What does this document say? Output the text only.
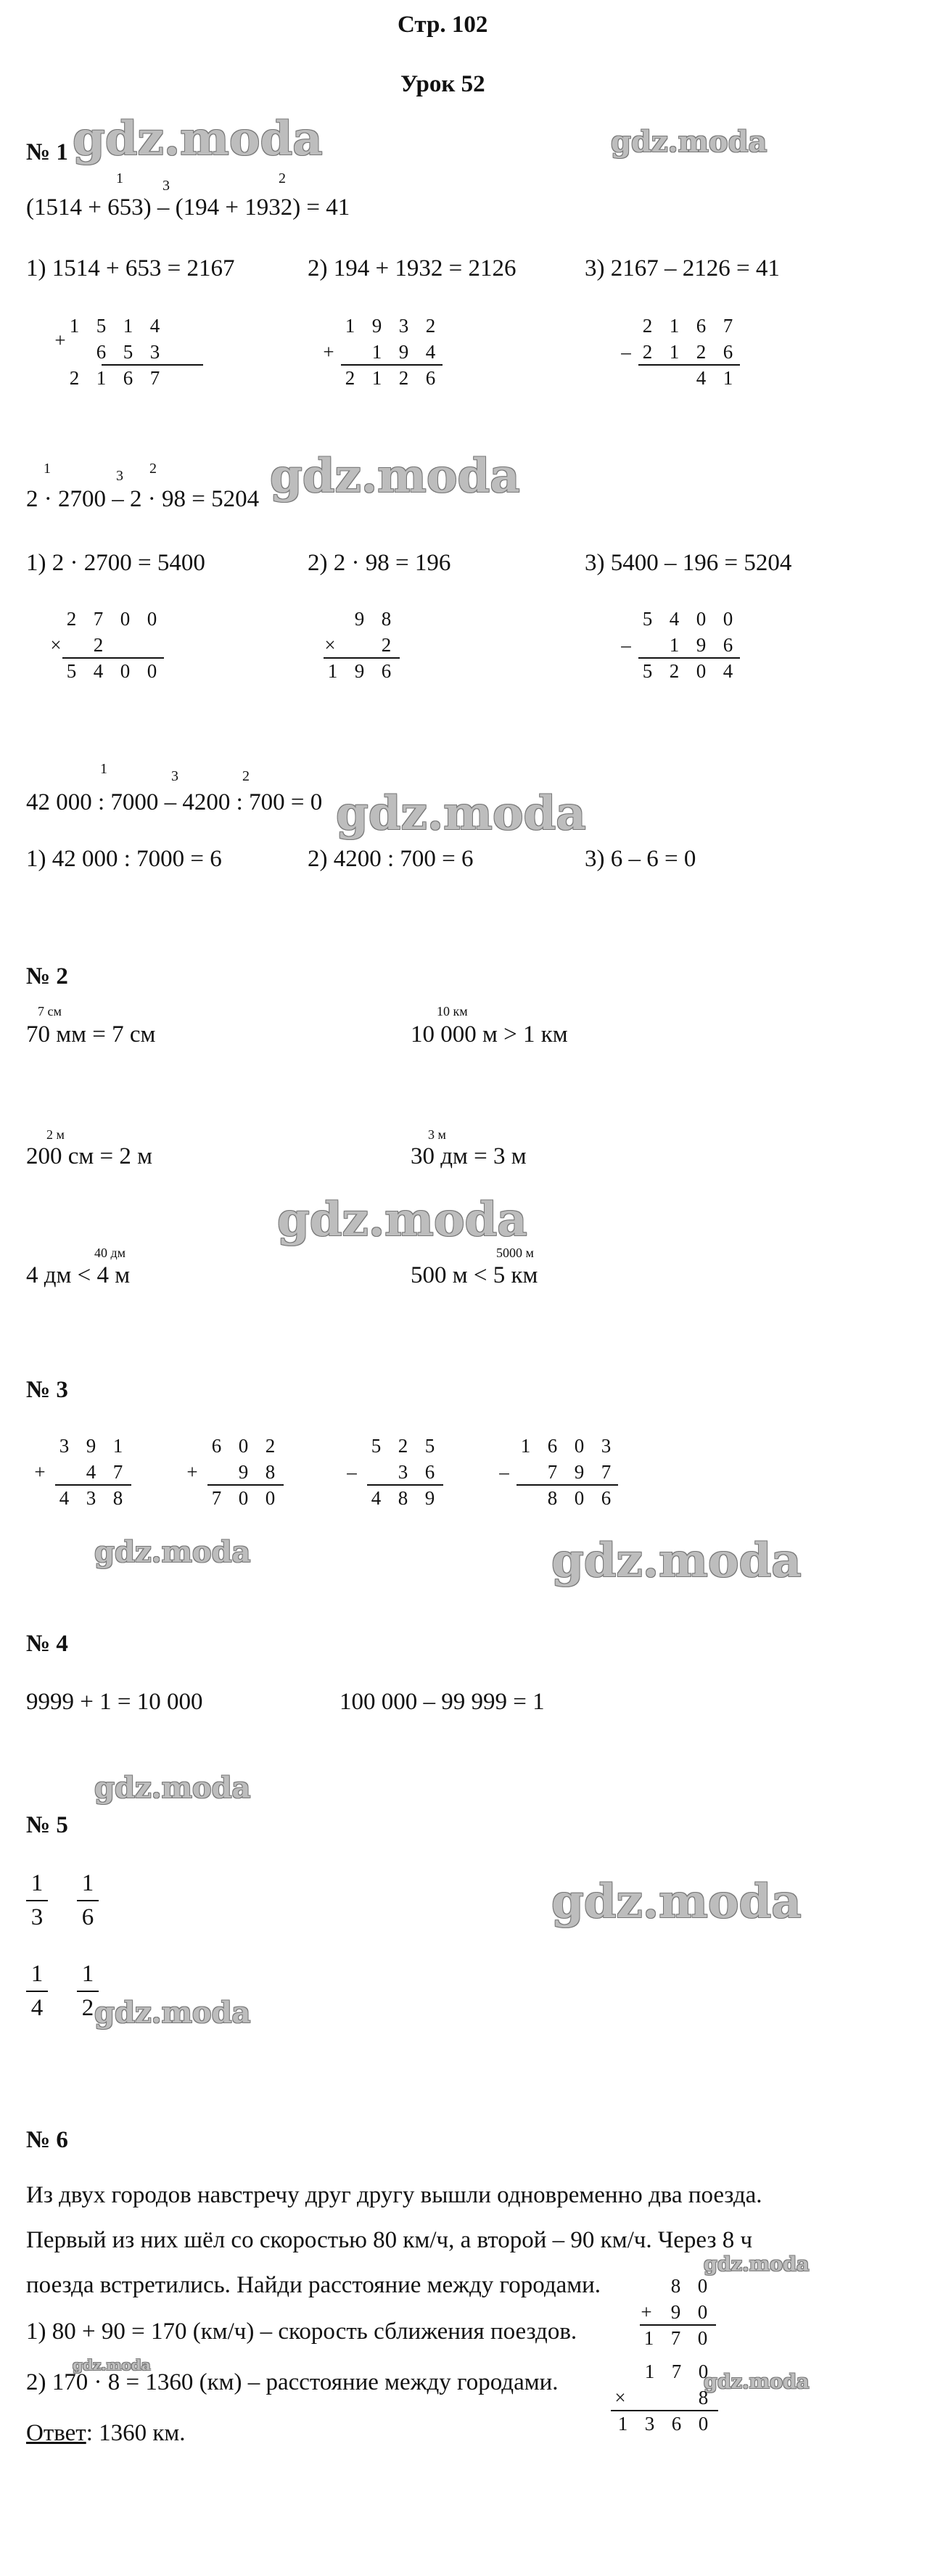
Стр. 102
Урок 52
gdz.moda	gdz.moda
gdz.moda
gdz.moda
gdz.moda
gdz.moda	gdz.moda
gdz.moda
gdz.moda
gdz.moda
gdz.moda
gdz.moda
gdz.moda
№ 1
1	3	2
(1514 + 653) – (194 + 1932) = 41
1) 1514 + 653 = 2167	2) 194 + 1932 = 2126	3) 2167 – 2126 = 41
+
1 5 1 4
6 5 3
2 1 6 7
+
1 9 3 2
1 9 4
2 1 2 6
–
2 1 6 7
2 1 2 6
4 1
1	3 2
2 · 2700 – 2 · 98 = 5204
1) 2 · 2700 = 5400	2) 2 · 98 = 196	3) 5400 – 196 = 5204
×
2 7 0 0
2
5 4 0 0
×
9 8
2
1 9 6
–
5 4 0 0
1 9 6
5 2 0 4
1	3	2
42 000 : 7000 – 4200 : 700 = 0
1) 42 000 : 7000 = 6	2) 4200 : 700 = 6	3) 6 – 6 = 0
№ 2
7 см
70 мм = 7 см
10 км
10 000 м > 1 км
2 м
200 см = 2 м
3 м
30 дм = 3 м
40 дм
4 дм < 4 м
5000 м
500 м < 5 км
№ 3
+
3 9 1
4 7
4 3 8
+
6 0 2
9 8
7 0 0
–
5 2 5
3 6
4 8 9
–
1 6 0 3
7 9 7
8 0 6
№ 4
9999 + 1 = 10 000	100 000 – 99 999 = 1
№ 5
1
3
1
6
1
4
1
2
№ 6
Из двух городов навстречу друг другу вышли одновременно два поезда.
Первый из них шёл со скоростью 80 км/ч, а второй – 90 км/ч. Через 8 ч
поезда встретились. Найди расстояние между городами.
1) 80 + 90 = 170 (км/ч) – скорость сближения поездов.
2) 170 · 8 = 1360 (км) – расстояние между городами.
Ответ: 1360 км.
+
8 0
9 0
1 7 0
×
1 7 0
8
1 3 6 0
